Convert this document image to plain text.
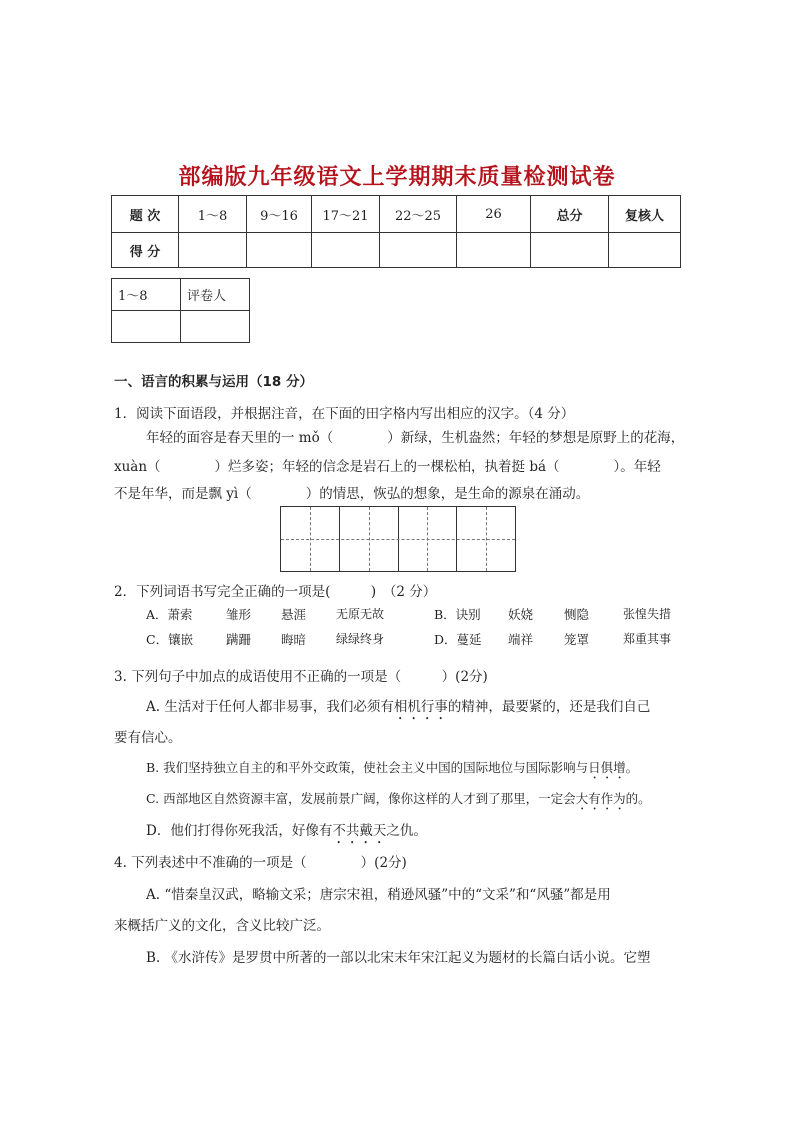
部编版九年级语文上学期期末质量检测试卷
题 次	1～8	9～16	17～21	22～25	26	总分	复核人
得 分							
1～8	评卷人

一、语言的积累与运用（18 分）
1．阅读下面语段，并根据注音，在下面的田字格内写出相应的汉字。（4 分）
年轻的面容是春天里的一 mǒ（　　　　）新绿，生机盎然；年轻的梦想是原野上的花海，
xuàn（　　　　）烂多姿；年轻的信念是岩石上的一棵松柏，执着挺 bá（　　　　）。年轻
不是年华，而是飘 yì（　　　　）的情思，恢弘的想象，是生命的源泉在涌动。
2．下列词语书写完全正确的一项是(　　　)　（2 分）
A．萧索	雏形 悬涯 无原无故	B．诀别 妖娆 恻隐	张惶失措
C．镶嵌	蹒跚 晦暗 绿绿终身	D．蔓延 端祥 笼罩	郑重其事
3. 下列句子中加点的成语使用不正确的一项是（　　　）(2分)
A. 生活对于任何人都非易事，我们必须有相机行事的精神，最要紧的，还是我们自己
要有信心。
B. 我们坚持独立自主的和平外交政策，使社会主义中国的国际地位与国际影响与日俱增。
C. 西部地区自然资源丰富，发展前景广阔，像你这样的人才到了那里，一定会大有作为的。
D．他们打得你死我活，好像有不共戴天之仇。
4. 下列表述中不准确的一项是（　　　　）(2分)
A. “惜秦皇汉武，略输文采；唐宗宋祖，稍逊风骚”中的“文采”和“风骚”都是用
来概括广义的文化，含义比较广泛。
B. 《水浒传》是罗贯中所著的一部以北宋末年宋江起义为题材的长篇白话小说。它塑
